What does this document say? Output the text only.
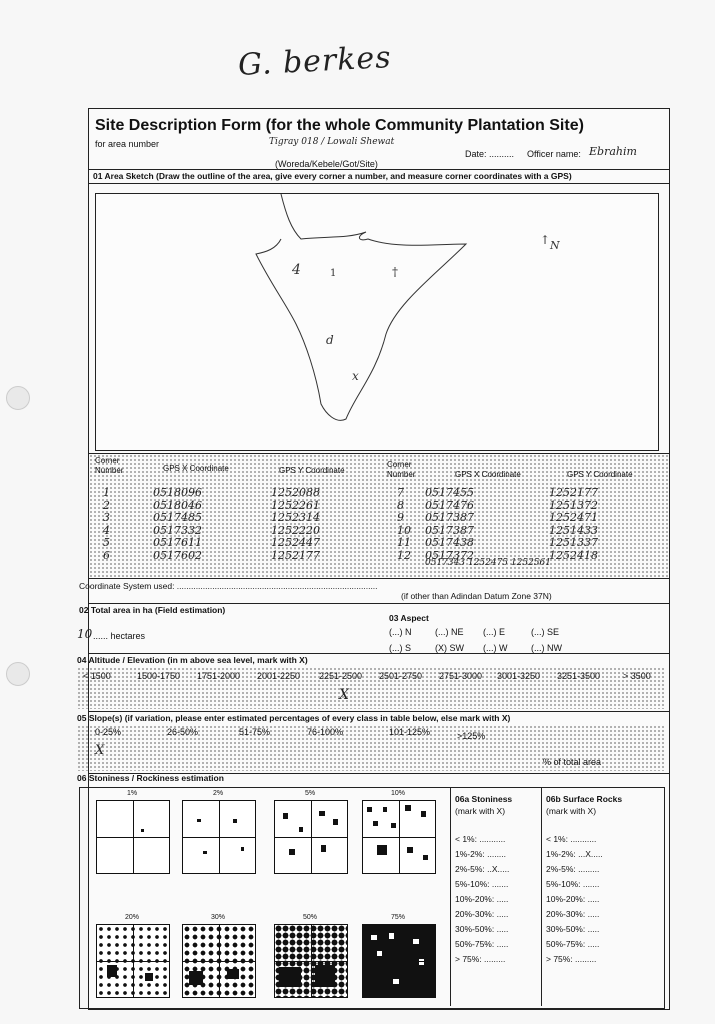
G. berkes
Site Description Form (for the whole Community Plantation Site)
for area number	Tigray 018 / Lowali Shewat
Date: .......... Officer name: Ebrahim
(Woreda/Kebele/Got/Site)
01 Area Sketch (Draw the outline of the area, give every corner a number, and measure corner coordinates with a GPS)
4	1	†
d
x
↑ N
Corner Number	GPS X Coordinate	GPS Y Coordinate
Corner Number	GPS X Coordinate	GPS Y Coordinate
1	0518096	1252088
2	0518046	1252261
3	0517485	1252314
4	0517332	1252220
5	0517611	1252447
6	0517602	1252177
7 0517455	1252177
8 0517476	1251372
9 0517387	1252471
10 0517387	1251433
11 0517438	1251337
12 0517372	1252418
0517343 1252475 1252561
Coordinate System used: .....................................................................................
(if other than Adindan Datum Zone 37N)
02 Total area in ha (Field estimation)
10 ...... hectares
03 Aspect
(...) N	(...) NE (...) E	(...) SE
(...) S	(X) SW (...) W	(...) NW
04 Altitude / Elevation (in m above sea level, mark with X)
< 1500	1500-1750 1751-2000 2001-2250 2251-2500 2501-2750 2751-3000 3001-3250 3251-3500	> 3500
X
05 Slope(s) (if variation, please enter estimated percentages of every class in table below, else mark with X)
0-25%	26-50%	51-75%	76-100%	101-125%	>125%
X
% of total area
06 Stoniness / Rockiness estimation
1%	2%	5%	10%
20%	30%	50%	75%
06a Stoniness
(mark with X)
< 1%: ...........
1%-2%: ........
2%-5%: ..X.....
5%-10%: .......
10%-20%: .....
20%-30%: .....
30%-50%: .....
50%-75%: .....
> 75%: .........
06b Surface Rocks
(mark with X)
< 1%: ...........
1%-2%: ...X.....
2%-5%: .........
5%-10%: .......
10%-20%: .....
20%-30%: .....
30%-50%: .....
50%-75%: .....
> 75%: .........
